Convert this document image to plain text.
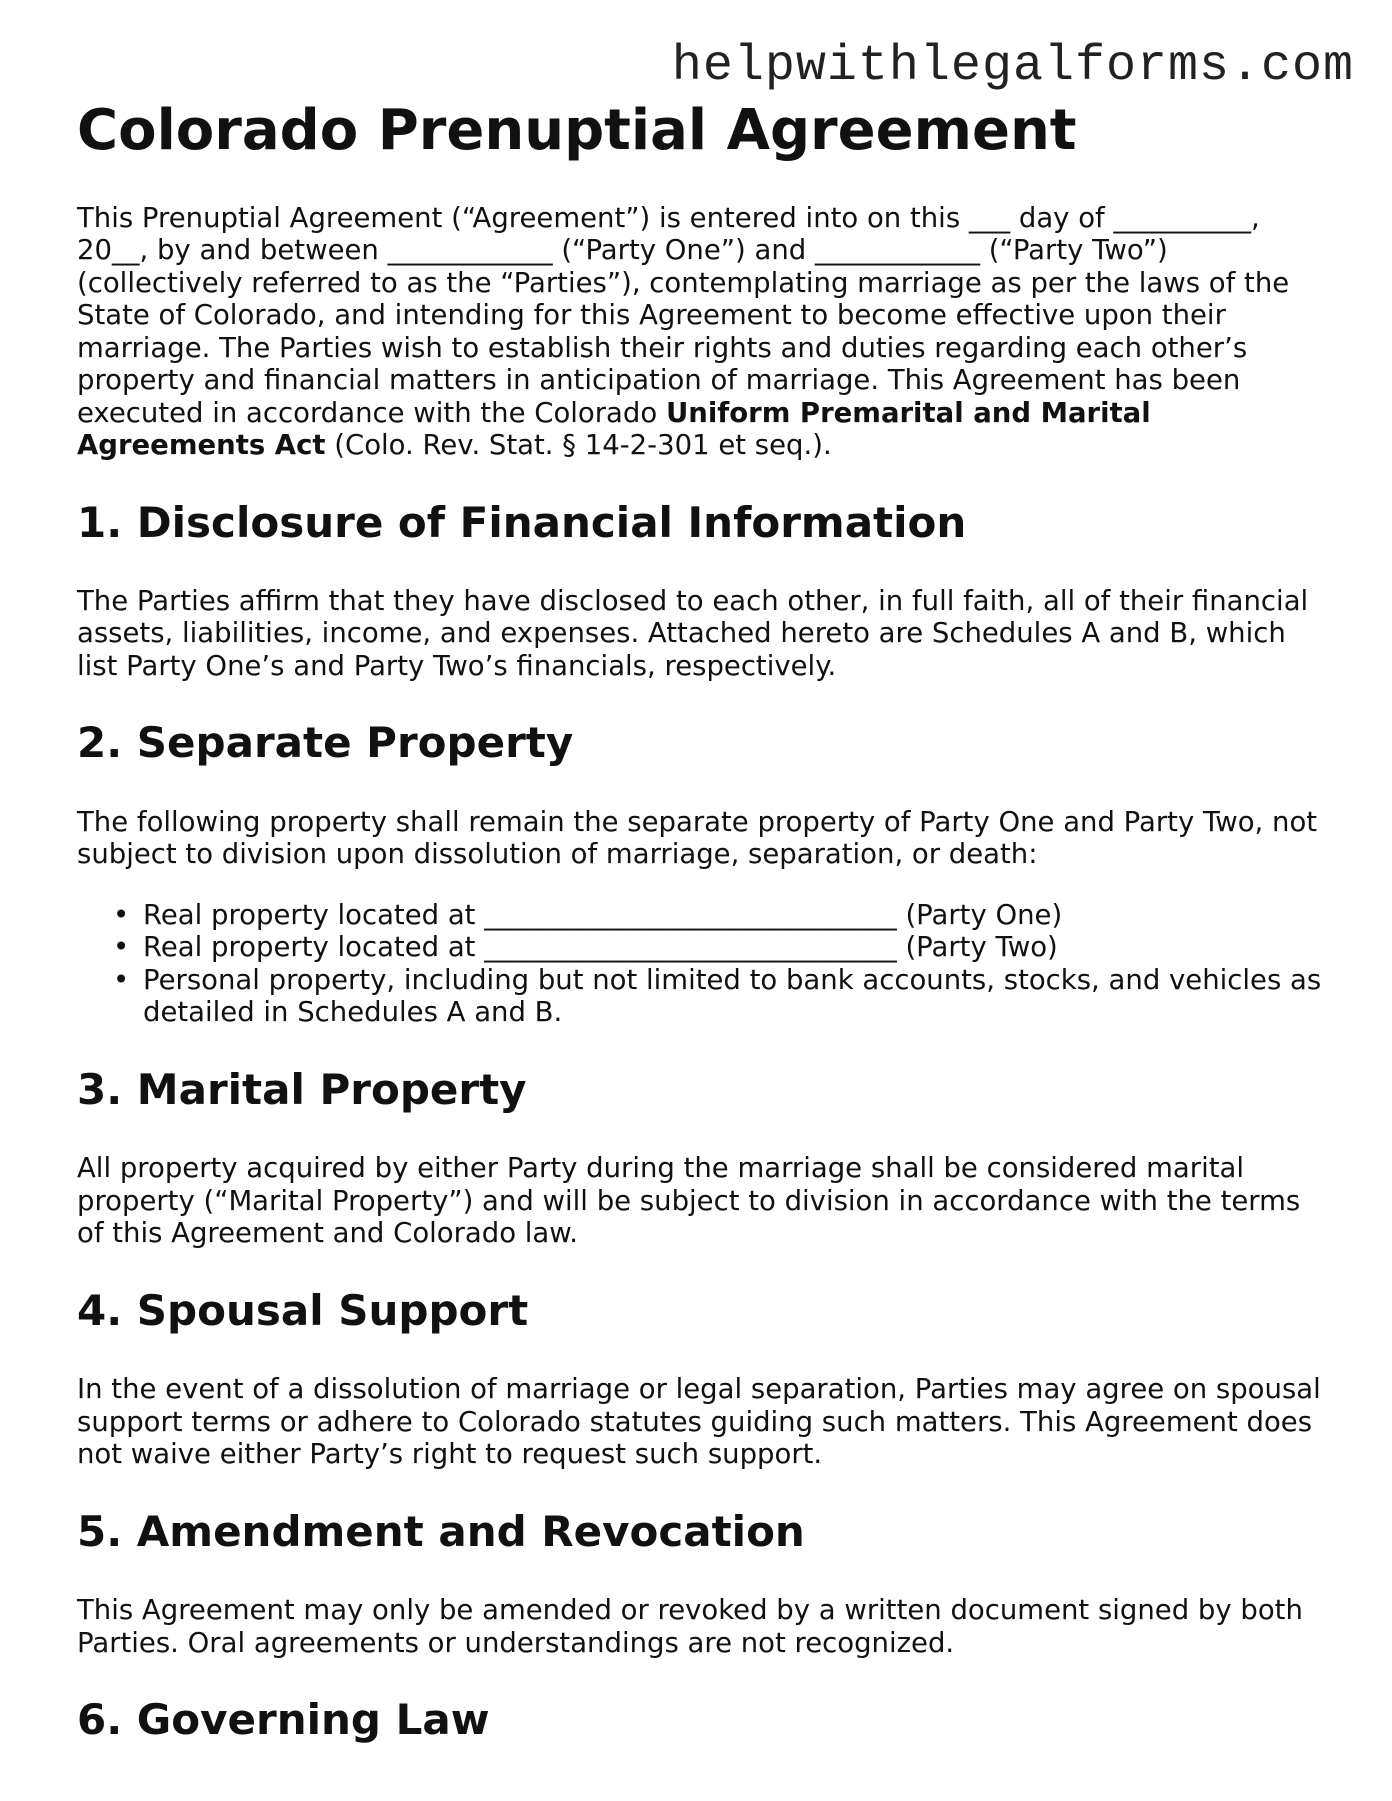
helpwithlegalforms.com
Colorado Prenuptial Agreement

This Prenuptial Agreement (“Agreement”) is entered into on this ___ day of __________, 20__, by and between ____________ (“Party One”) and ____________ (“Party Two”) (collectively referred to as the “Parties”), contemplating marriage as per the laws of the State of Colorado, and intending for this Agreement to become effective upon their marriage. The Parties wish to establish their rights and duties regarding each other’s property and financial matters in anticipation of marriage. This Agreement has been executed in accordance with the Colorado Uniform Premarital and Marital Agreements Act (Colo. Rev. Stat. § 14-2-301 et seq.).

1. Disclosure of Financial Information

The Parties affirm that they have disclosed to each other, in full faith, all of their financial assets, liabilities, income, and expenses. Attached hereto are Schedules A and B, which list Party One’s and Party Two’s financials, respectively.

2. Separate Property

The following property shall remain the separate property of Party One and Party Two, not subject to division upon dissolution of marriage, separation, or death:

• Real property located at ______________________________ (Party One)
• Real property located at ______________________________ (Party Two)
• Personal property, including but not limited to bank accounts, stocks, and vehicles as detailed in Schedules A and B.
3. Marital Property

All property acquired by either Party during the marriage shall be considered marital property (“Marital Property”) and will be subject to division in accordance with the terms of this Agreement and Colorado law.

4. Spousal Support

In the event of a dissolution of marriage or legal separation, Parties may agree on spousal support terms or adhere to Colorado statutes guiding such matters. This Agreement does not waive either Party’s right to request such support.

5. Amendment and Revocation

This Agreement may only be amended or revoked by a written document signed by both Parties. Oral agreements or understandings are not recognized.

6. Governing Law
